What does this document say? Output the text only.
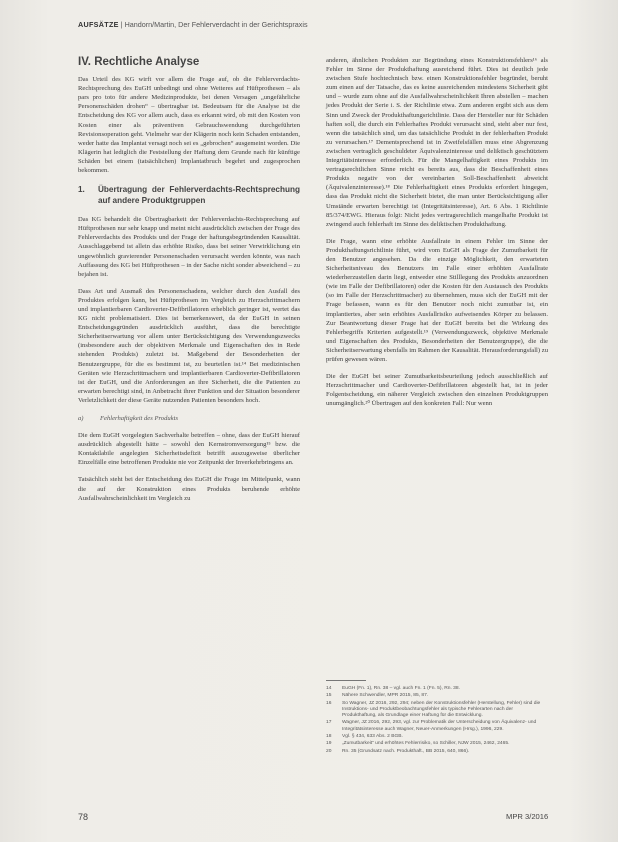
AUFSÄTZE | Handorn/Martin, Der Fehlerverdacht in der Gerichtspraxis
IV. Rechtliche Analyse

Das Urteil des KG wirft vor allem die Frage auf, ob die Fehlerverdachts-Rechtsprechung des EuGH unbedingt und ohne Weiteres auf Hüftprothesen – als pars pro toto für andere Medizinprodukte, bei denen Versagen „ungefährliche Personenschäden drohen“ – übertragbar ist. Bedeutsam für die Analyse ist die Entscheidung des KG vor allem auch, dass es erkannt wird, ob mit den Kosten von Kosten einer als präventiven Gebrauchswendung durchgeführten Revisionsoperation geht. Vielmehr war der Klägerin noch kein Schaden entstanden, weder hatte das Implantat versagt noch sei es „gebrochen“ ausgemeint worden. Die Klägerin hat lediglich die Feststellung der Haftung dem Grunde nach für künftige Schäden bei einem (tatsächlichen) Implantatbruch begehrt und zugesprochen bekommen.

1.	Übertragung der Fehlerverdachts-Rechtsprechung auf andere Produktgruppen

Das KG behandelt die Übertragbarkeit der Fehlerverdachts-Rechtsprechung auf Hüftprothesen nur sehr knapp und meint nicht ausdrücklich zwischen der Frage des Fehlerverdachts des Produkts und der Frage der haftungsbegründenden Kausalität. Ausschlaggebend ist allein das erhöhte Risiko, dass bei seiner Verwirklichung ein ungewöhnlich gravierender Personenschaden verursacht werden könnte, was nach Auffassung des KG bei Hüftprothesen – in der Sache nicht sonder abweichend – zu bejahen ist.

Dass Art und Ausmaß des Personenschadens, welcher durch den Ausfall des Produktes erfolgen kann, bei Hüftprothesen im Vergleich zu Herzschrittmachern und implantierbaren Cardioverter-Defibrillatoren erheblich geringer ist, wertet das KG nicht problematisiert. Dies ist bemerkenswert, da der EuGH in seinen Entscheidungsgründen ausdrücklich ausführt, dass die berechtigte Sicherheitserwartung vor allem unter Berücksichtigung des Verwendungszwecks (insbesondere auch der objektiven Merkmale und Eigenschaften des in Rede stehenden Produkts) zuletzt ist. Maßgebend der Besonderheiten der Benutzergruppe, für die es bestimmt ist, zu beurteilen ist.¹⁴ Bei medizinischen Geräten wie Herzschrittmachern und implantierbaren Cardioverter-Defibrillatoren ist der EuGH, und die Anforderungen an ihre Sicherheit, die die Patienten zu erwarten berechtigt sind, in Anbetracht ihrer Funktion und der Situation besonderer Verletzlichkeit der diese Geräte nutzenden Patienten besonders hoch.

a)	Fehlerhaftigkeit des Produkts

Die dem EuGH vorgelegten Sachverhalte betreffen – ohne, dass der EuGH hierauf ausdrücklich abgestellt hätte – sowohl den Kernstromversorgung¹⁵ bzw. die Kontaktlabile angelegten Sicherheitsdefizit betrifft auszugsweise überlicher Einzelfälle eine betroffenen Produkte nie vor Zeitpunkt der Inverkehrbringens an.

Tatsächlich steht bei der Entscheidung des EuGH die Frage im Mittelpunkt, wann die auf der Konstruktion eines Produkts beruhende erhöhte Ausfallwahrscheinlichkeit im Vergleich zu

anderen, ähnlichen Produkten zur Begründung eines Konstruktionsfehlers¹⁶ als Fehler im Sinne der Produkthaftung ausreichend führt. Dies ist deutlich jede zwischen Stufe hochtechnisch bzw. einen Konstruktionsfehler begründet, beruht zum einen auf der Tatsache, das es keine ausreichenden mindestens Sicherheit gibt und – wurde zum ohne auf die Ausfallwahrscheinlichkeit Ihren abstellen – machen jedes Produkt der Serie i. S. der Richtlinie etwa. Zum anderen ergibt sich aus dem Sinn und Zweck der Produkthaftungsrichtlinie. Dass der Hersteller nur für Schäden haften soll, die durch ein Fehlerhaftes Produkt verursacht sind, steht aber nur fest, wenn die tatsächlich sind, um das tatsächliche Produkt in der fehlerhaften Produkt zu verursachen.¹⁷ Dementsprechend ist in Zweifelsfällen muss eine Abgrenzung zwischen vertraglich geschuldeter Äquivalenzinteresse und deliktisch geschütztem Integritätsinteresse erforderlich. Für die Mangelhaftigkeit eines Produkts im vertragsrechtlichen Sinne reicht es bereits aus, dass die Beschaffenheit eines Produkts negativ von der vereinbarten Soll-Beschaffenheit abweicht (Äquivalenzinteresse).¹⁸ Die Fehlerhaftigkeit eines Produkts erfordert hingegen, dass das Produkt nicht die Sicherheit bietet, die man unter Berücksichtigung aller Umstände erwarten berechtigt ist (Integritätsinteresse), Art. 6 Abs. 1 Richtlinie 85/374/EWG. Hieraus folgt: Nicht jedes vertragsrechtlich mangelhafte Produkt ist zwingend auch fehlerhaft im Sinne des deliktischen Produkthaftung.

Die Frage, wann eine erhöhte Ausfallrate in einem Fehler im Sinne der Produkthaftungsrichtlinie führt, wird vom EuGH als Frage der Zumutbarkeit für den Benutzer angesehen. Da die einzige Möglichkeit, den erwarteten Sicherheitsniveau des Benutzers im Falle einer erhöhten Ausfallrate wiederherzustellen darin liegt, entweder eine Stilllegung des Produkts anzuordnen (wie im Falle der Defibrillatoren) oder die Kosten für den Austausch des Produkts (so im Falle der Herzschrittmacher) zu übernehmen, muss sich der EuGH mit der Frage befassen, wann es für den Benutzer noch nicht zumutbar ist, ein implantiertes, aber sein erhöhtes Ausfallrisiko aufweisendes Körper zu belassen. Zur Beantwortung dieser Frage hat der EuGH bereits bei die Wirkung des Fehlerbegriffs Kriterien aufgestellt.¹⁹ (Verwendungszweck, objektive Merkmale und Eigenschaften des Produkts, Besonderheiten der Benutzergruppe), die die Sicherheitserwartung ebenfalls im Rahmen der Kausalität. Herausforderungsfall) zu prüfen gewesen wären.

Die der EuGH bei seiner Zumutbarkeitsbeurteilung jedoch ausschließlich auf Herzschrittmacher und Cardioverter-Defibrillatoren abgestellt hat, ist in jeder Folgentscheidung, ein näherer Vergleich zwischen den einzelnen Produktgruppen unumgänglich.²⁰ Übertragen auf den konkreten Fall: Nur wenn

14	EuGH (Fn. 1), Rn. 38 – vgl. auch Fn. 1 (Fn. 5), Rn. 38.
15	Nähere Schwendler, MPR 2015, 85, 87.
16	So Wagner, JZ 2016, 292, 294; neben der Konstruktionsfehler (Herstellung, Fehler) sind die Instruktions- und Produktbeobachtungsfehler als typische Fehlerarten nach der Produkthaftung, als Grundlage einer Haftung für die Entwicklung.
17	Wagner, JZ 2016, 292, 293, vgl. zur Problematik der Unterscheidung von Äquivalenz- und Integritätsinteresse auch Wagner, Neuer-Anmerkungen (Hrsg.), 1996, 229.
18	Vgl. § 434, 633 Abs. 2 BGB.
19	„Zumutbarkeit“ und erhöhtes Fehlerrisiko, so Schiller, NJW 2015, 2462, 2465.
20	Rn. 35 (Grundsatz nach. Produkthaft., BB 2015, 640, 866).
78	MPR 3/2016
